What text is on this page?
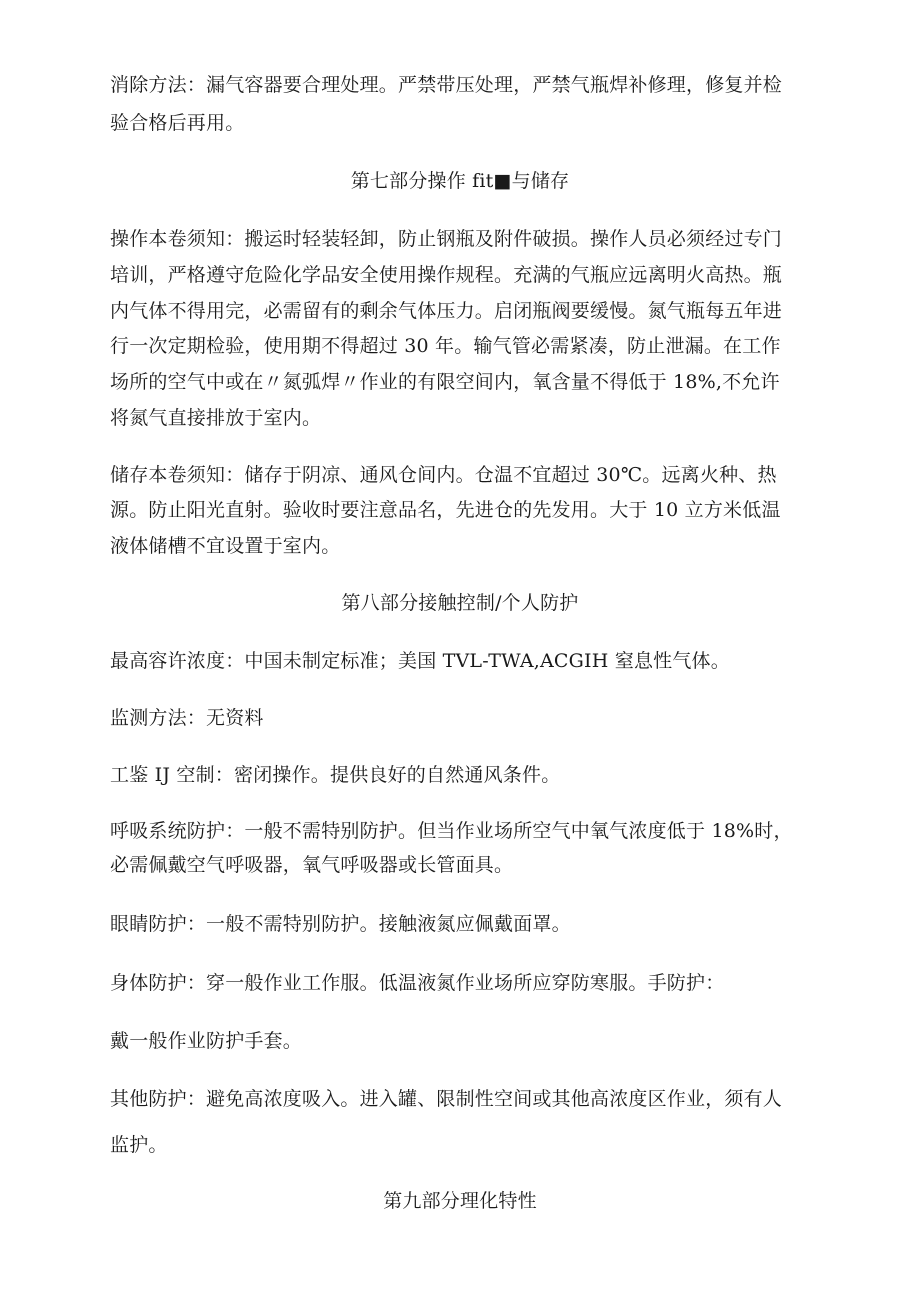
消除方法：漏气容器要合理处理。严禁带压处理，严禁气瓶焊补修理，修复并检
验合格后再用。
第七部分操作 fit■与储存
操作本卷须知：搬运时轻装轻卸，防止钢瓶及附件破损。操作人员必须经过专门
培训，严格遵守危险化学品安全使用操作规程。充满的气瓶应远离明火高热。瓶
内气体不得用完，必需留有的剩余气体压力。启闭瓶阀要缓慢。氮气瓶每五年进
行一次定期检验，使用期不得超过 30 年。输气管必需紧凑，防止泄漏。在工作
场所的空气中或在〃氮弧焊〃作业的有限空间内，氧含量不得低于 18%,不允许
将氮气直接排放于室内。
储存本卷须知：储存于阴凉、通风仓间内。仓温不宜超过 30℃。远离火种、热
源。防止阳光直射。验收时要注意品名，先进仓的先发用。大于 10 立方米低温
液体储槽不宜设置于室内。
第八部分接触控制/个人防护
最高容许浓度：中国未制定标准；美国 TVL-TWA,ACGIH 窒息性气体。
监测方法：无资料
工鉴 IJ 空制：密闭操作。提供良好的自然通风条件。
呼吸系统防护：一般不需特别防护。但当作业场所空气中氧气浓度低于 18%时，
必需佩戴空气呼吸器，氧气呼吸器或长管面具。
眼睛防护：一般不需特别防护。接触液氮应佩戴面罩。
身体防护：穿一般作业工作服。低温液氮作业场所应穿防寒服。手防护：
戴一般作业防护手套。
其他防护：避免高浓度吸入。进入罐、限制性空间或其他高浓度区作业，须有人
监护。
第九部分理化特性
